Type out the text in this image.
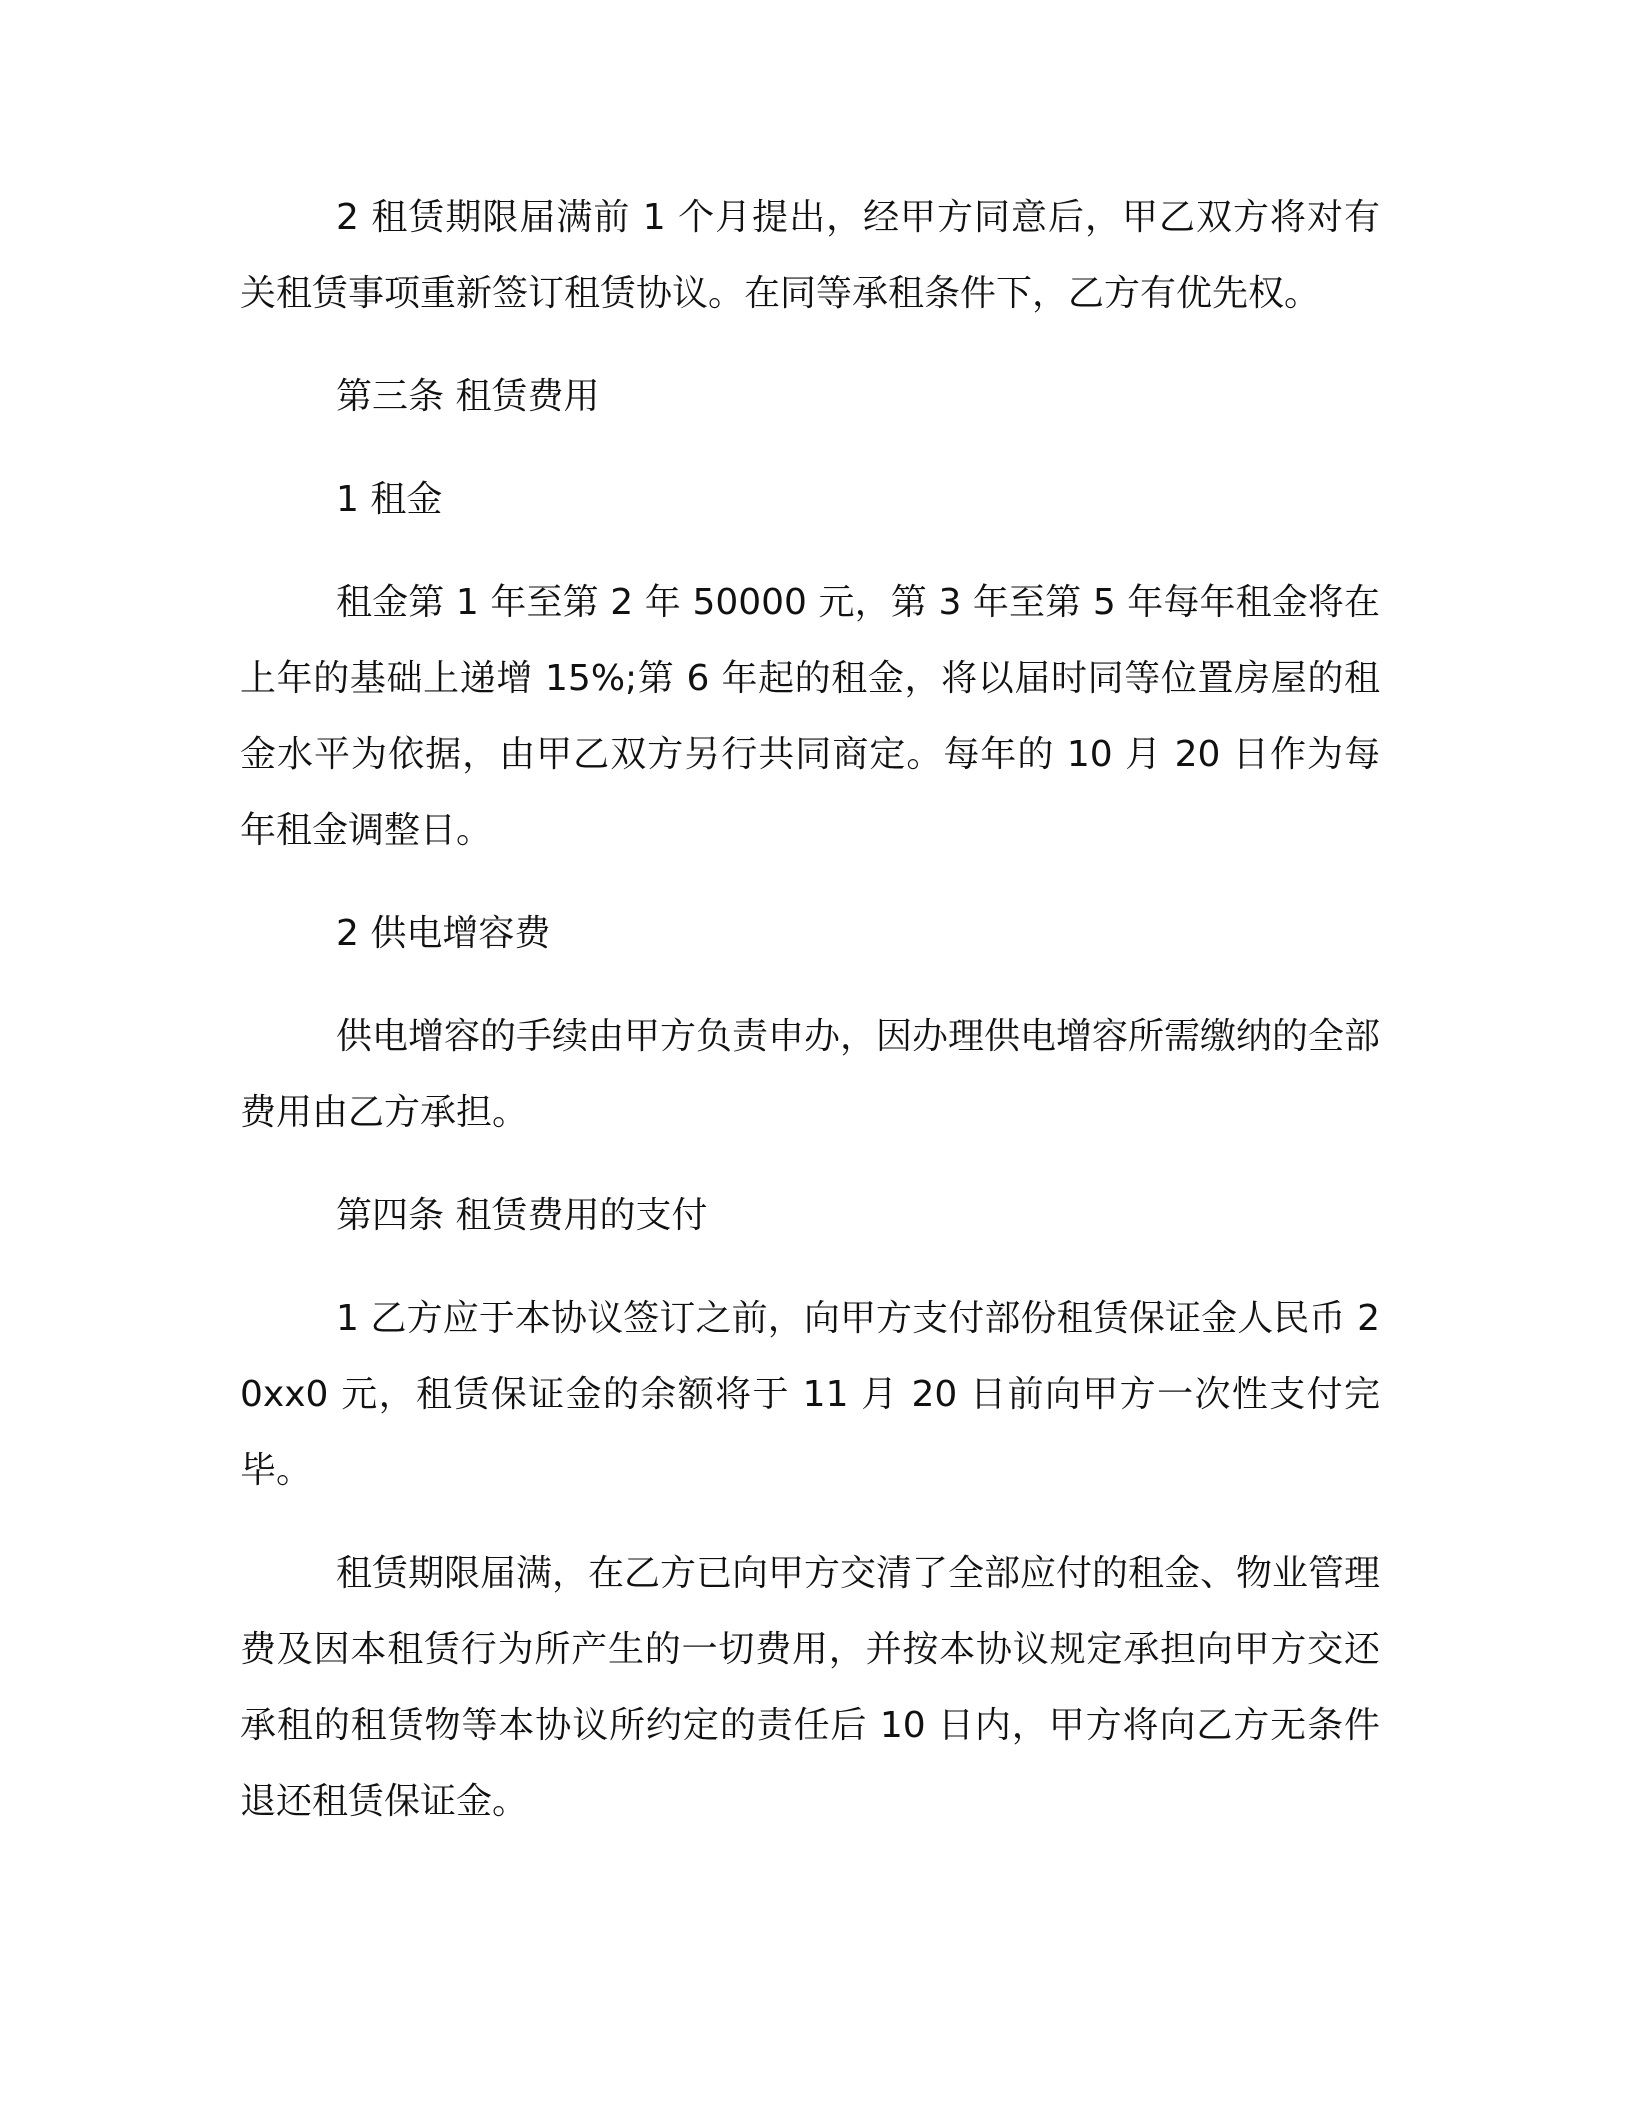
2 租赁期限届满前 1 个月提出，经甲方同意后，甲乙双方将对有关租赁事项重新签订租赁协议。在同等承租条件下，乙方有优先权。

第三条 租赁费用

1 租金

租金第 1 年至第 2 年 50000 元，第 3 年至第 5 年每年租金将在上年的基础上递增 15%;第 6 年起的租金，将以届时同等位置房屋的租金水平为依据，由甲乙双方另行共同商定。每年的 10 月 20 日作为每年租金调整日。

2 供电增容费

供电增容的手续由甲方负责申办，因办理供电增容所需缴纳的全部费用由乙方承担。

第四条 租赁费用的支付

1 乙方应于本协议签订之前，向甲方支付部份租赁保证金人民币 20xx0 元，租赁保证金的余额将于 11 月 20 日前向甲方一次性支付完毕。

租赁期限届满，在乙方已向甲方交清了全部应付的租金、物业管理费及因本租赁行为所产生的一切费用，并按本协议规定承担向甲方交还承租的租赁物等本协议所约定的责任后 10 日内，甲方将向乙方无条件退还租赁保证金。
